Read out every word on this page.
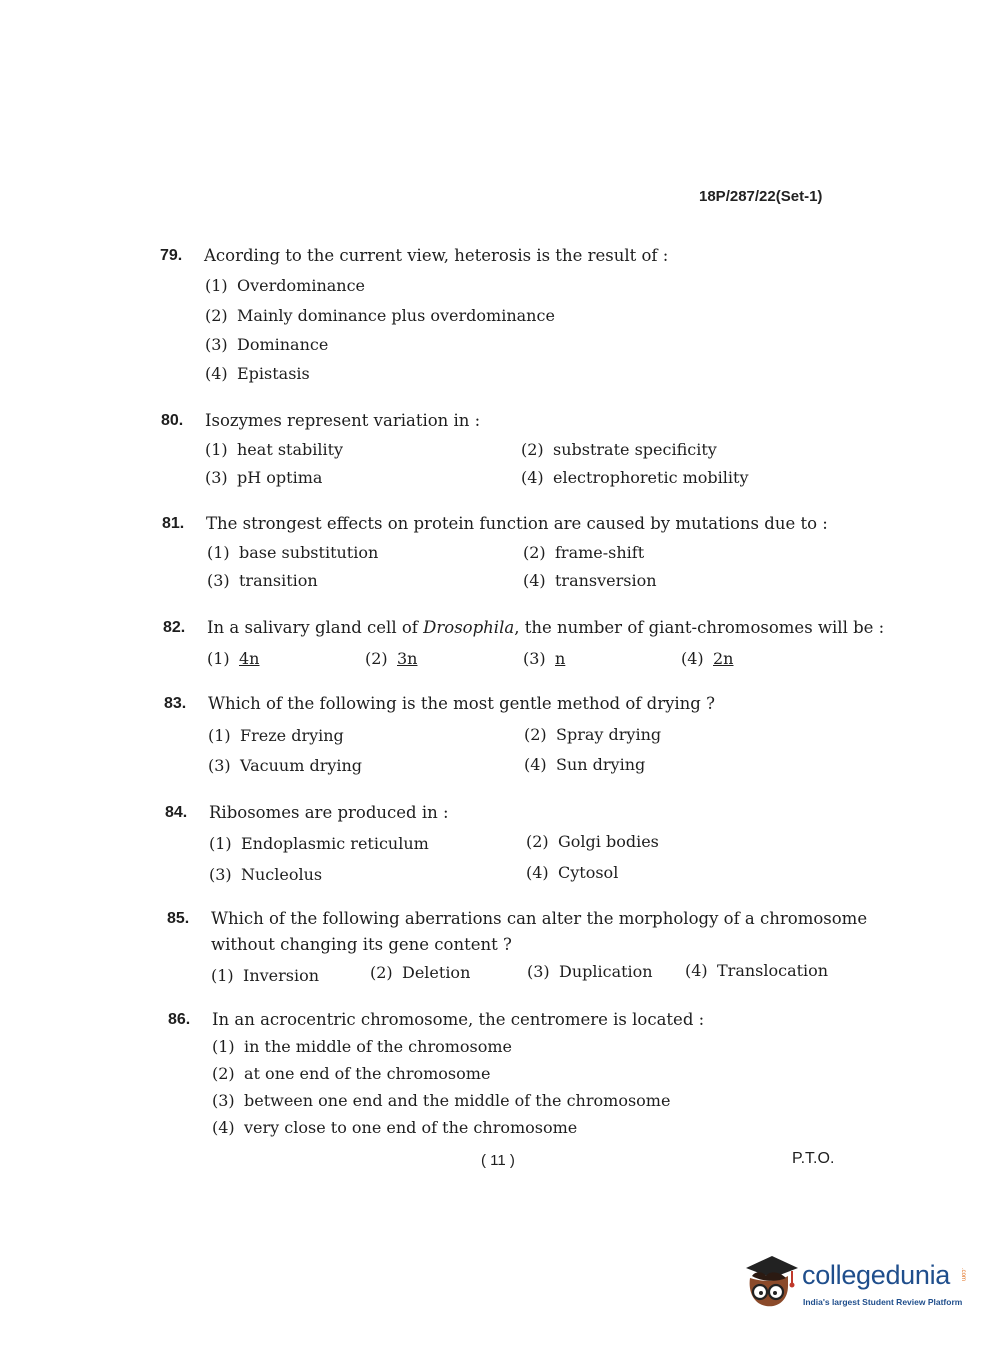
18P/287/22(Set-1)
79. Acording to the current view, heterosis is the result of :
(1) Overdominance
(2) Mainly dominance plus overdominance
(3) Dominance
(4) Epistasis
80. Isozymes represent variation in :
(1) heat stability	(2) substrate specificity
(3) pH optima	(4) electrophoretic mobility
81. The strongest effects on protein function are caused by mutations due to :
(1) base substitution	(2) frame-shift
(3) transition	(4) transversion
82. In a salivary gland cell of Drosophila, the number of giant-chromosomes will be :
(1) 4n	(2) 3n	(3) n	(4) 2n
83. Which of the following is the most gentle method of drying ?
(1) Freze drying	(2) Spray drying
(3) Vacuum drying	(4) Sun drying
84. Ribosomes are produced in :
(1) Endoplasmic reticulum	(2) Golgi bodies
(3) Nucleolus	(4) Cytosol
85. Which of the following aberrations can alter the morphology of a chromosome
without changing its gene content ?
(1) Inversion	(2) Deletion	(3) Duplication (4) Translocation
86. In an acrocentric chromosome, the centromere is located :
(1) in the middle of the chromosome
(2) at one end of the chromosome
(3) between one end and the middle of the chromosome
(4) very close to one end of the chromosome
( 11 )	P.T.O.
collegedunia .com
India's largest Student Review Platform
